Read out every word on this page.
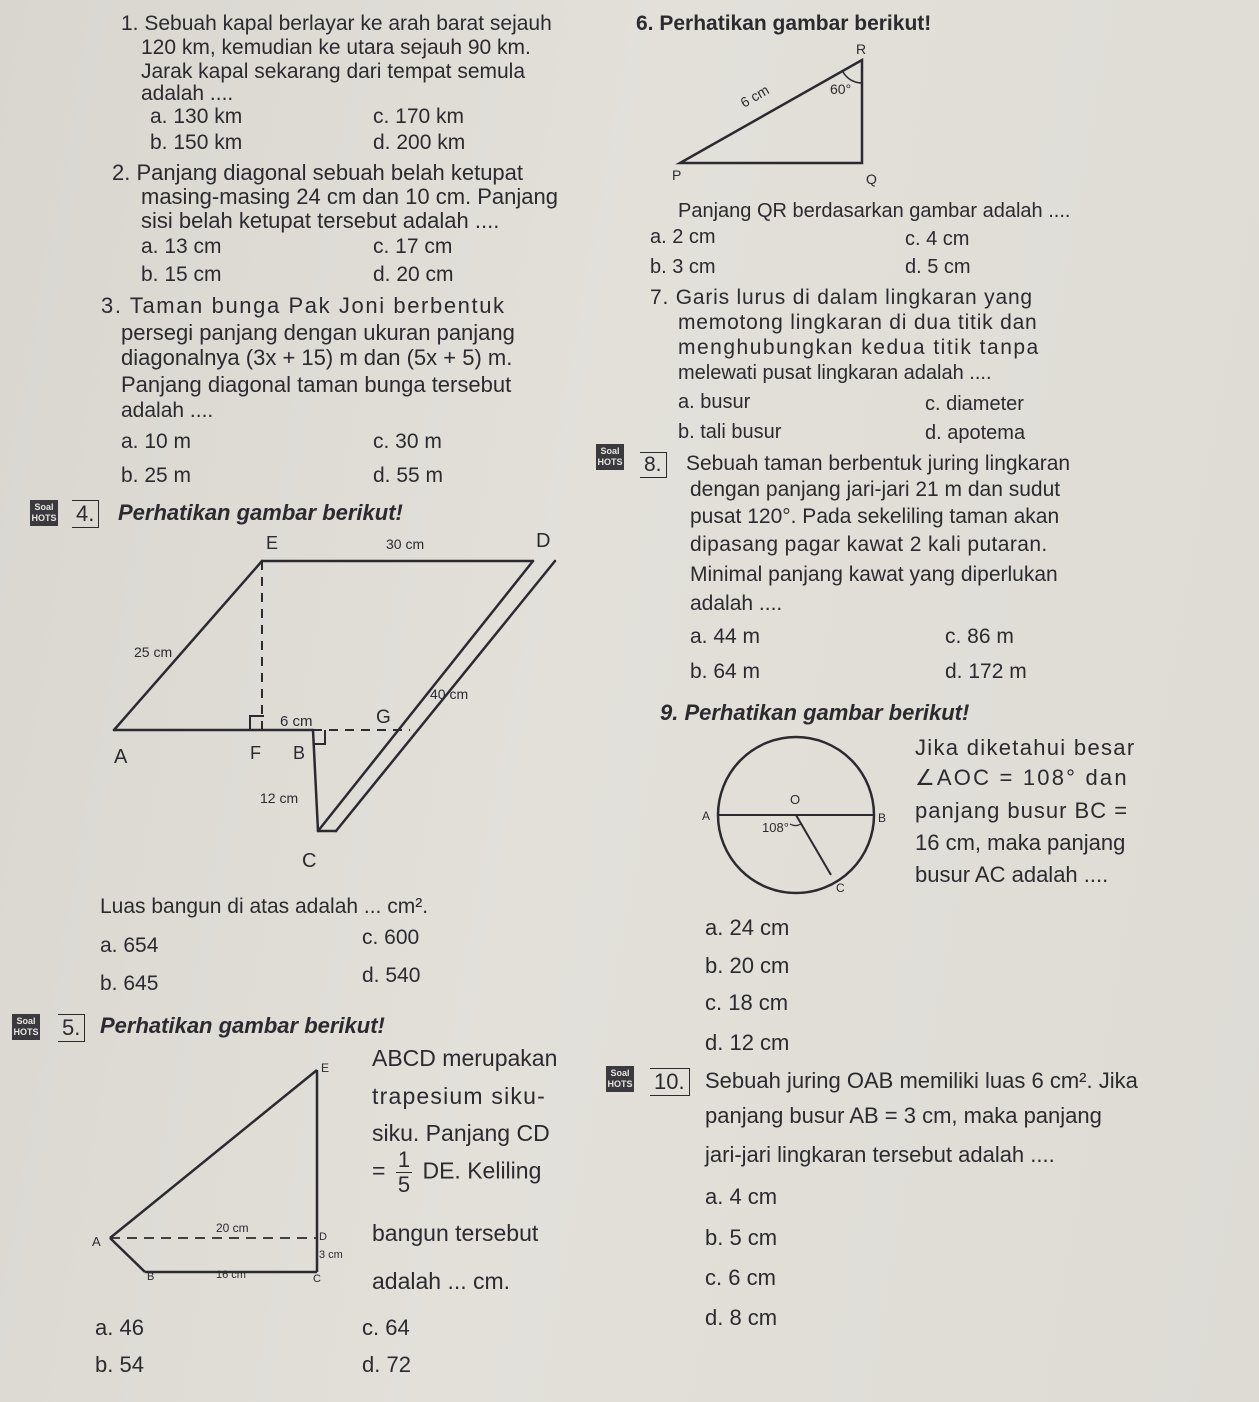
1. Sebuah kapal berlayar ke arah barat sejauh
120 km, kemudian ke utara sejauh 90 km.
Jarak kapal sekarang dari tempat semula
adalah ....
a. 130 km
b. 150 km
c. 170 km
d. 200 km
2. Panjang diagonal sebuah belah ketupat
masing-masing 24 cm dan 10 cm. Panjang
sisi belah ketupat tersebut adalah ....
a. 13 cm
b. 15 cm
c. 17 cm
d. 20 cm
3. Taman bunga Pak Joni berbentuk
persegi panjang dengan ukuran panjang
diagonalnya (3x + 15) m dan (5x + 5) m.
Panjang diagonal taman bunga tersebut
adalah ....
a. 10 m
b. 25 m
c. 30 m
d. 55 m
Soal
HOTS 4. Perhatikan gambar berikut!
E	D
30 cm
25 cm
40 cm
6 cm	G
A	F B
12 cm
C
Luas bangun di atas adalah ... cm².
a. 654
b. 645
c. 600
d. 540
Soal
HOTS 5. Perhatikan gambar berikut!
E
A
20 cm
D
3 cm
B	16 cm	C
ABCD merupakan
trapesium siku-
siku. Panjang CD
= $\frac{1}{5}$ DE. Keliling
bangun tersebut
adalah ... cm.
a. 46
b. 54
c. 64
d. 72
6. Perhatikan gambar berikut!
R
P	Q
60°
6 cm
Panjang QR berdasarkan gambar adalah ....
a. 2 cm
b. 3 cm
c. 4 cm
d. 5 cm
7. Garis lurus di dalam lingkaran yang
memotong lingkaran di dua titik dan
menghubungkan kedua titik tanpa
melewati pusat lingkaran adalah ....
a. busur
b. tali busur
c. diameter
d. apotema
Soal
HOTS 8. Sebuah taman berbentuk juring lingkaran
dengan panjang jari-jari 21 m dan sudut
pusat 120°. Pada sekeliling taman akan
dipasang pagar kawat 2 kali putaran.
Minimal panjang kawat yang diperlukan
adalah ....
a. 44 m
b. 64 m
c. 86 m
d. 172 m
9. Perhatikan gambar berikut!
O
A	B
C
108°
Jika diketahui besar
∠AOC = 108° dan
panjang busur BC =
16 cm, maka panjang
busur AC adalah ....
a. 24 cm
b. 20 cm
c. 18 cm
d. 12 cm
Soal
HOTS 10. Sebuah juring OAB memiliki luas 6 cm². Jika
panjang busur AB = 3 cm, maka panjang
jari-jari lingkaran tersebut adalah ....
a. 4 cm
b. 5 cm
c. 6 cm
d. 8 cm
